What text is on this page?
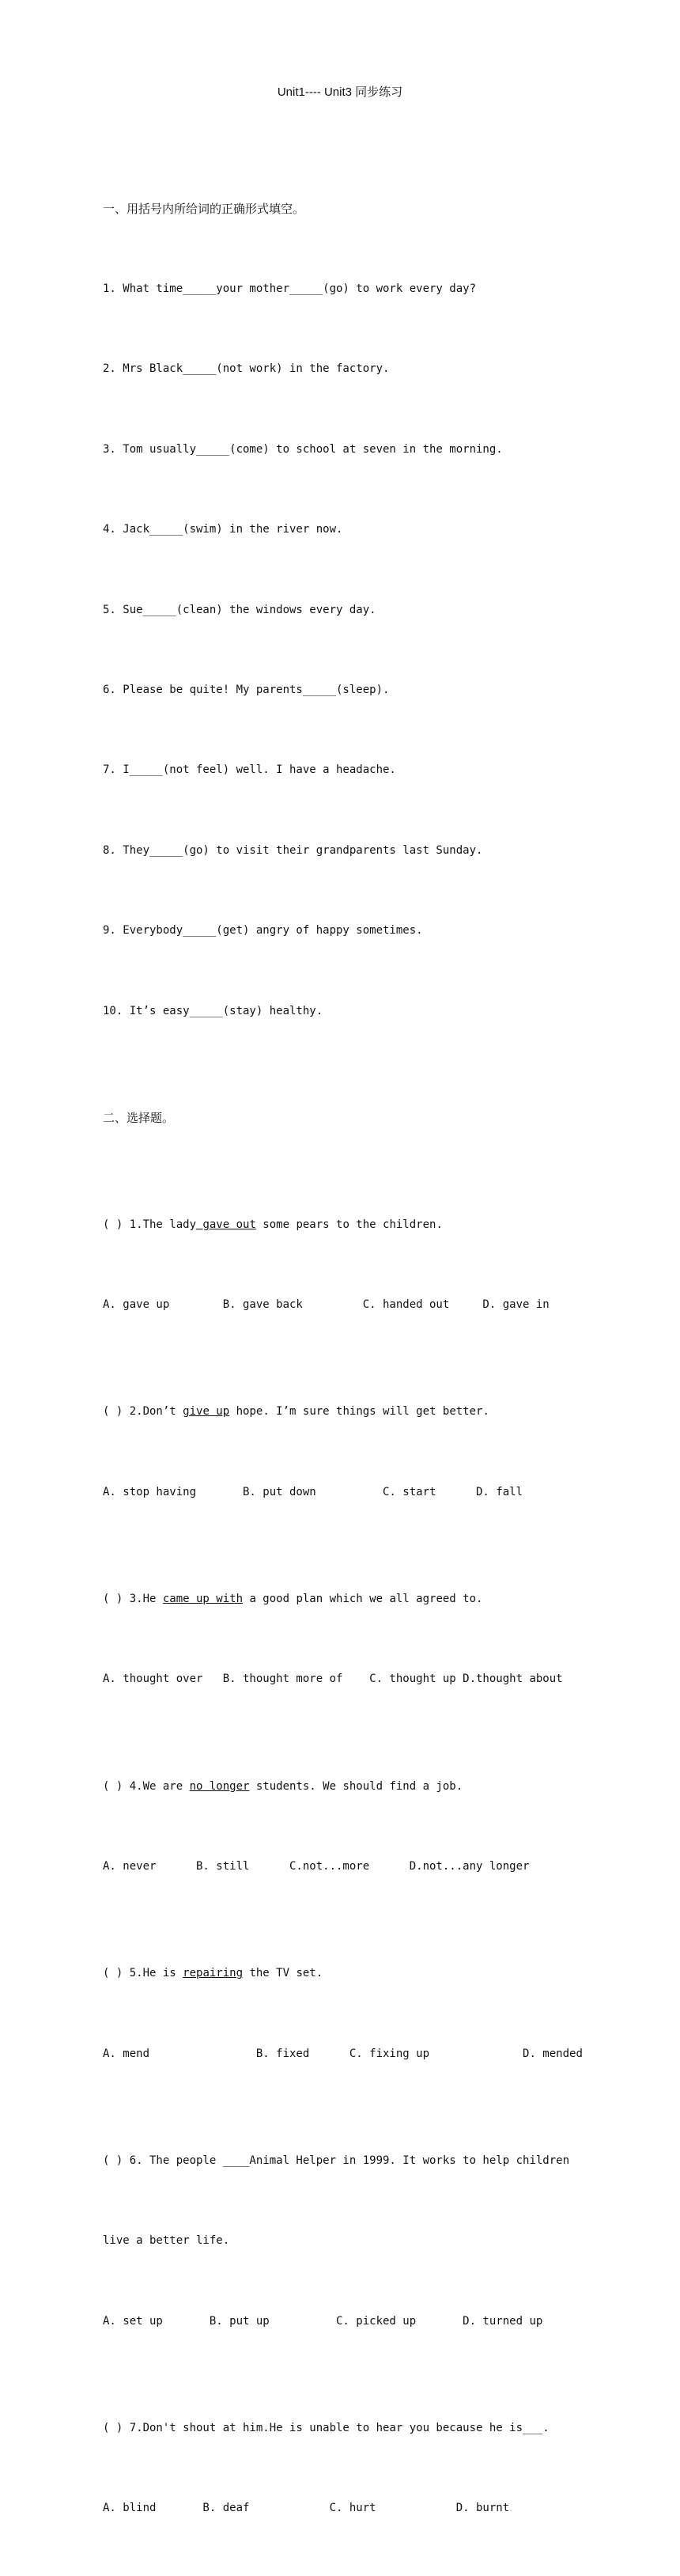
Unit1---- Unit3 同步练习

一、用括号内所给词的正确形式填空。

1. What time_____your mother_____(go) to work every day?

2. Mrs Black_____(not work) in the factory.

3. Tom usually_____(come) to school at seven in the morning.

4. Jack_____(swim) in the river now.

5. Sue_____(clean) the windows every day.

6. Please be quite! My parents_____(sleep).

7. I_____(not feel) well. I have a headache.

8. They_____(go) to visit their grandparents last Sunday.

9. Everybody_____(get) angry of happy sometimes.

10. It’s easy_____(stay) healthy.

二、选择题。

( ) 1.The lady gave out some pears to the children.

A. gave up        B. gave back         C. handed out     D. gave in

( ) 2.Don’t give up hope. I’m sure things will get better.

A. stop having       B. put down          C. start      D. fall

( ) 3.He came up with a good plan which we all agreed to.

A. thought over   B. thought more of    C. thought up D.thought about

( ) 4.We are no longer students. We should find a job.

A. never      B. still      C.not...more      D.not...any longer

( ) 5.He is repairing the TV set.

A. mend                B. fixed      C. fixing up              D. mended

( ) 6. The people ____Animal Helper in 1999. It works to help children

live a better life.

A. set up       B. put up          C. picked up       D. turned up

( ) 7.Don't shout at him.He is unable to hear you because he is___.

A. blind       B. deaf            C. hurt            D. burnt
